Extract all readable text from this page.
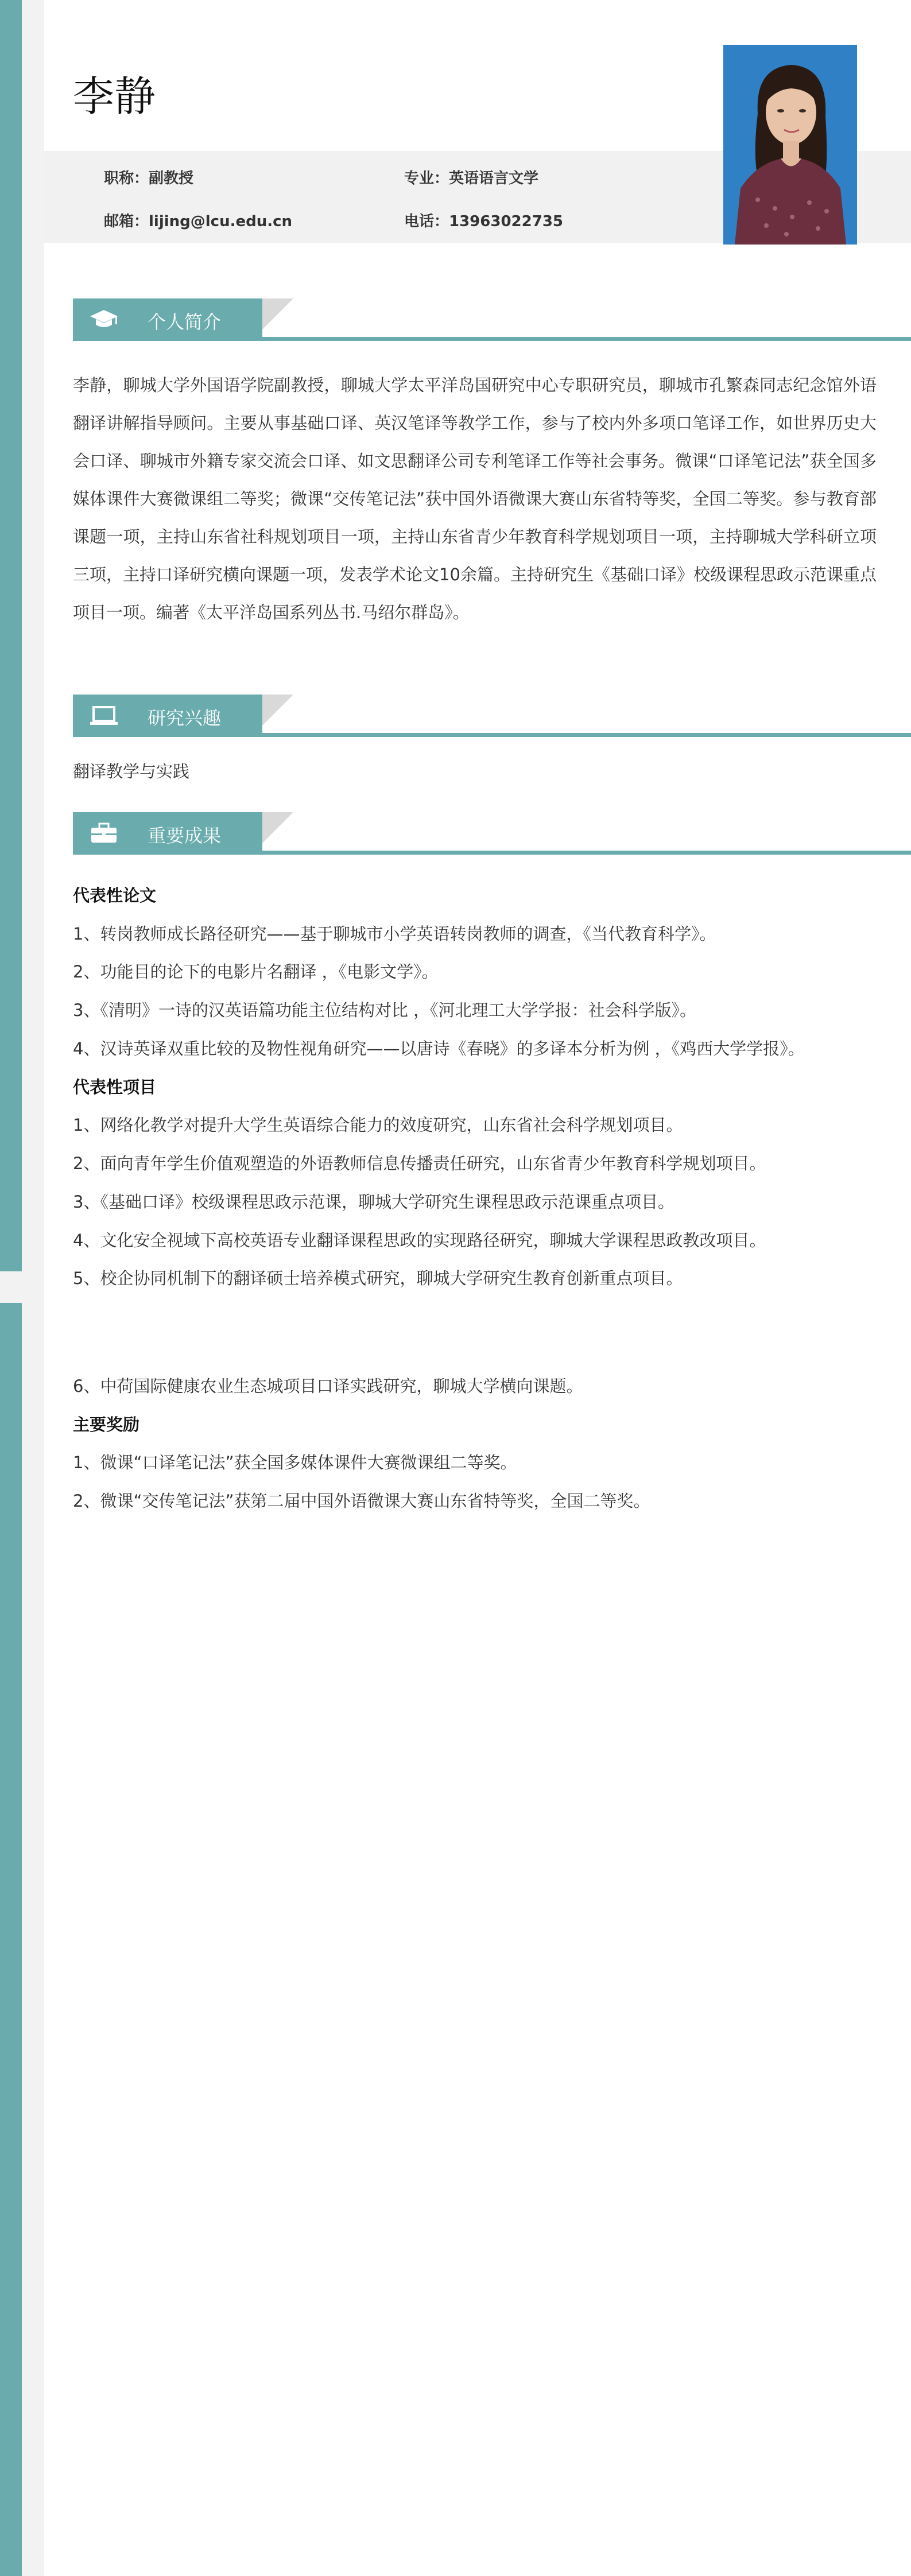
李静
职称：副教授	专业：英语语言文学
邮箱：lijing@lcu.edu.cn	电话：13963022735
个人简介
李静，聊城大学外国语学院副教授，聊城大学太平洋岛国研究中心专职研究员，聊城市孔繁森同志纪念馆外语翻译讲解指导顾问。主要从事基础口译、英汉笔译等教学工作，参与了校内外多项口笔译工作，如世界历史大会口译、聊城市外籍专家交流会口译、如文思翻译公司专利笔译工作等社会事务。微课“口译笔记法”获全国多媒体课件大赛微课组二等奖；微课“交传笔记法”获中国外语微课大赛山东省特等奖，全国二等奖。参与教育部课题一项，主持山东省社科规划项目一项，主持山东省青少年教育科学规划项目一项，主持聊城大学科研立项三项，主持口译研究横向课题一项，发表学术论文10余篇。主持研究生《基础口译》校级课程思政示范课重点项目一项。编著《太平洋岛国系列丛书.马绍尔群岛》。
研究兴趣
翻译教学与实践
重要成果
代表性论文
1、转岗教师成长路径研究——基于聊城市小学英语转岗教师的调查，《当代教育科学》。
2、功能目的论下的电影片名翻译 ，《电影文学》。
3、《清明》一诗的汉英语篇功能主位结构对比 ，《河北理工大学学报：社会科学版》。
4、汉诗英译双重比较的及物性视角研究——以唐诗《春晓》的多译本分析为例 ，《鸡西大学学报》。
代表性项目
1、网络化教学对提升大学生英语综合能力的效度研究，山东省社会科学规划项目。
2、面向青年学生价值观塑造的外语教师信息传播责任研究，山东省青少年教育科学规划项目。
3、《基础口译》校级课程思政示范课，聊城大学研究生课程思政示范课重点项目。
4、文化安全视域下高校英语专业翻译课程思政的实现路径研究，聊城大学课程思政教改项目。
5、校企协同机制下的翻译硕士培养模式研究，聊城大学研究生教育创新重点项目。
6、中荷国际健康农业生态城项目口译实践研究，聊城大学横向课题。
主要奖励
1、微课“口译笔记法”获全国多媒体课件大赛微课组二等奖。
2、微课“交传笔记法”获第二届中国外语微课大赛山东省特等奖，全国二等奖。
